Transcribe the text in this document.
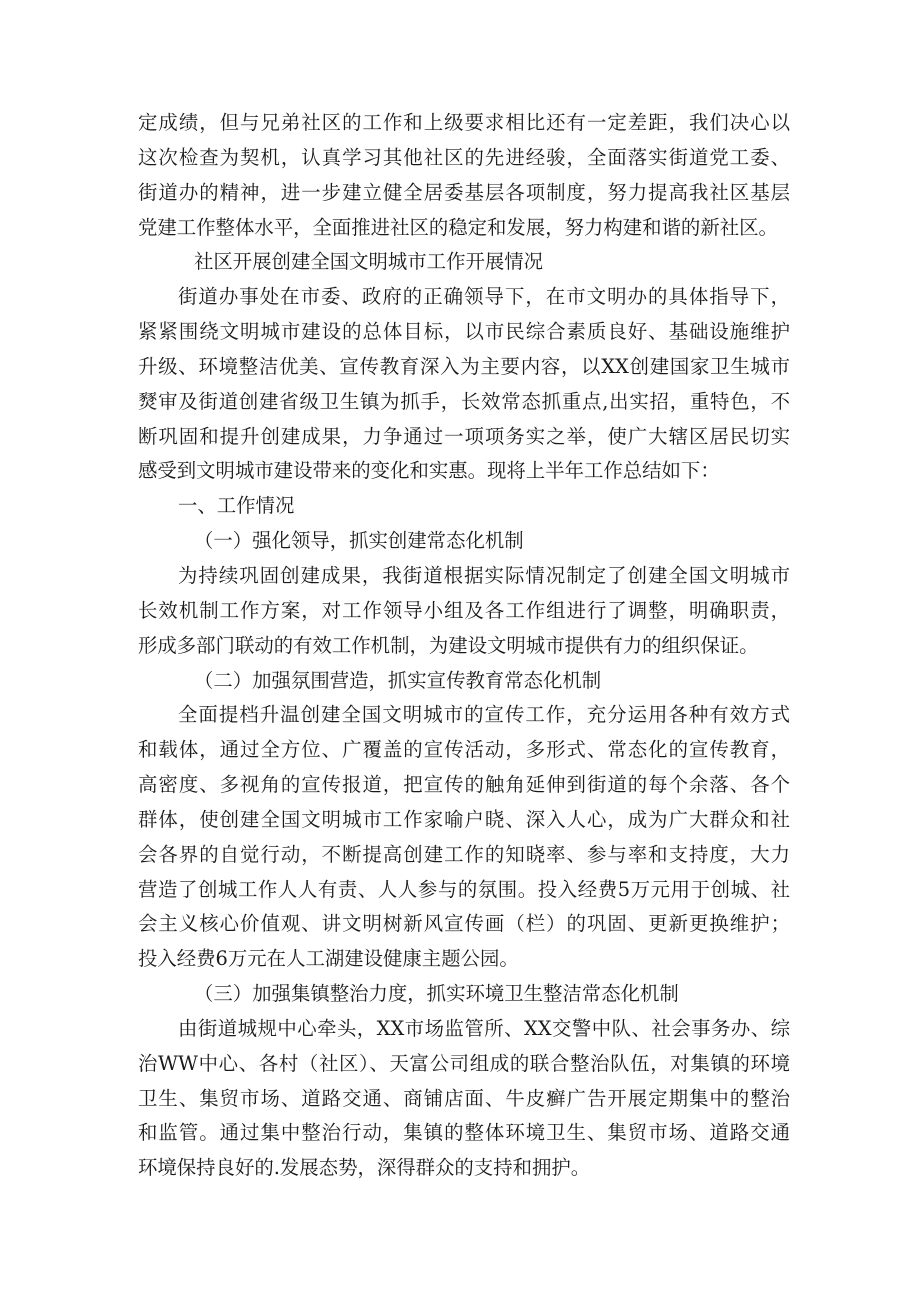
定成绩，但与兄弟社区的工作和上级要求相比还有一定差距，我们决心以
这次检查为契机，认真学习其他社区的先进经骏，全面落实街道党工委、
街道办的精神，进一步建立健全居委基层各项制度，努力提高我社区基层
党建工作整体水平，全面推进社区的稳定和发展，努力构建和谐的新社区。
社区开展创建全国文明城市工作开展情况
街道办事处在市委、政府的正确领导下，在市文明办的具体指导下，
紧紧围绕文明城市建设的总体目标，以市民综合素质良好、基础设施维护
升级、环境整洁优美、宣传教育深入为主要内容，以XX创建国家卫生城市
燹审及街道创建省级卫生镇为抓手，长效常态抓重点,出实招，重特色，不
断巩固和提升创建成果，力争通过一项项务实之举，使广大辖区居民切实
感受到文明城市建设带来的变化和实惠。现将上半年工作总结如下：
一、工作情况
（一）强化领导，抓实创建常态化机制
为持续巩固创建成果，我街道根据实际情况制定了创建全国文明城市
长效机制工作方案，对工作领导小组及各工作组进行了调整，明确职责，
形成多部门联动的有效工作机制，为建设文明城市提供有力的组织保证。
（二）加强氛围营造，抓实宣传教育常态化机制
全面提档升温创建全国文明城市的宣传工作，充分运用各种有效方式
和载体，通过全方位、广覆盖的宣传活动，多形式、常态化的宣传教育，
高密度、多视角的宣传报道，把宣传的触角延伸到街道的每个余落、各个
群体，使创建全国文明城市工作家喻户晓、深入人心，成为广大群众和社
会各界的自觉行动，不断提高创建工作的知晓率、参与率和支持度，大力
营造了创城工作人人有责、人人参与的氛围。投入经费5万元用于创城、社
会主义核心价值观、讲文明树新风宣传画（栏）的巩固、更新更换维护；
投入经费6万元在人工湖建设健康主题公园。
（三）加强集镇整治力度，抓实环境卫生整洁常态化机制
由街道城规中心牵头，XX市场监管所、XX交警中队、社会事务办、综
治WW中心、各村（社区）、天富公司组成的联合整治队伍，对集镇的环境
卫生、集贸市场、道路交通、商铺店面、牛皮癣广告开展定期集中的整治
和监管。通过集中整治行动，集镇的整体环境卫生、集贸市场、道路交通
环境保持良好的.发展态势，深得群众的支持和拥护。
